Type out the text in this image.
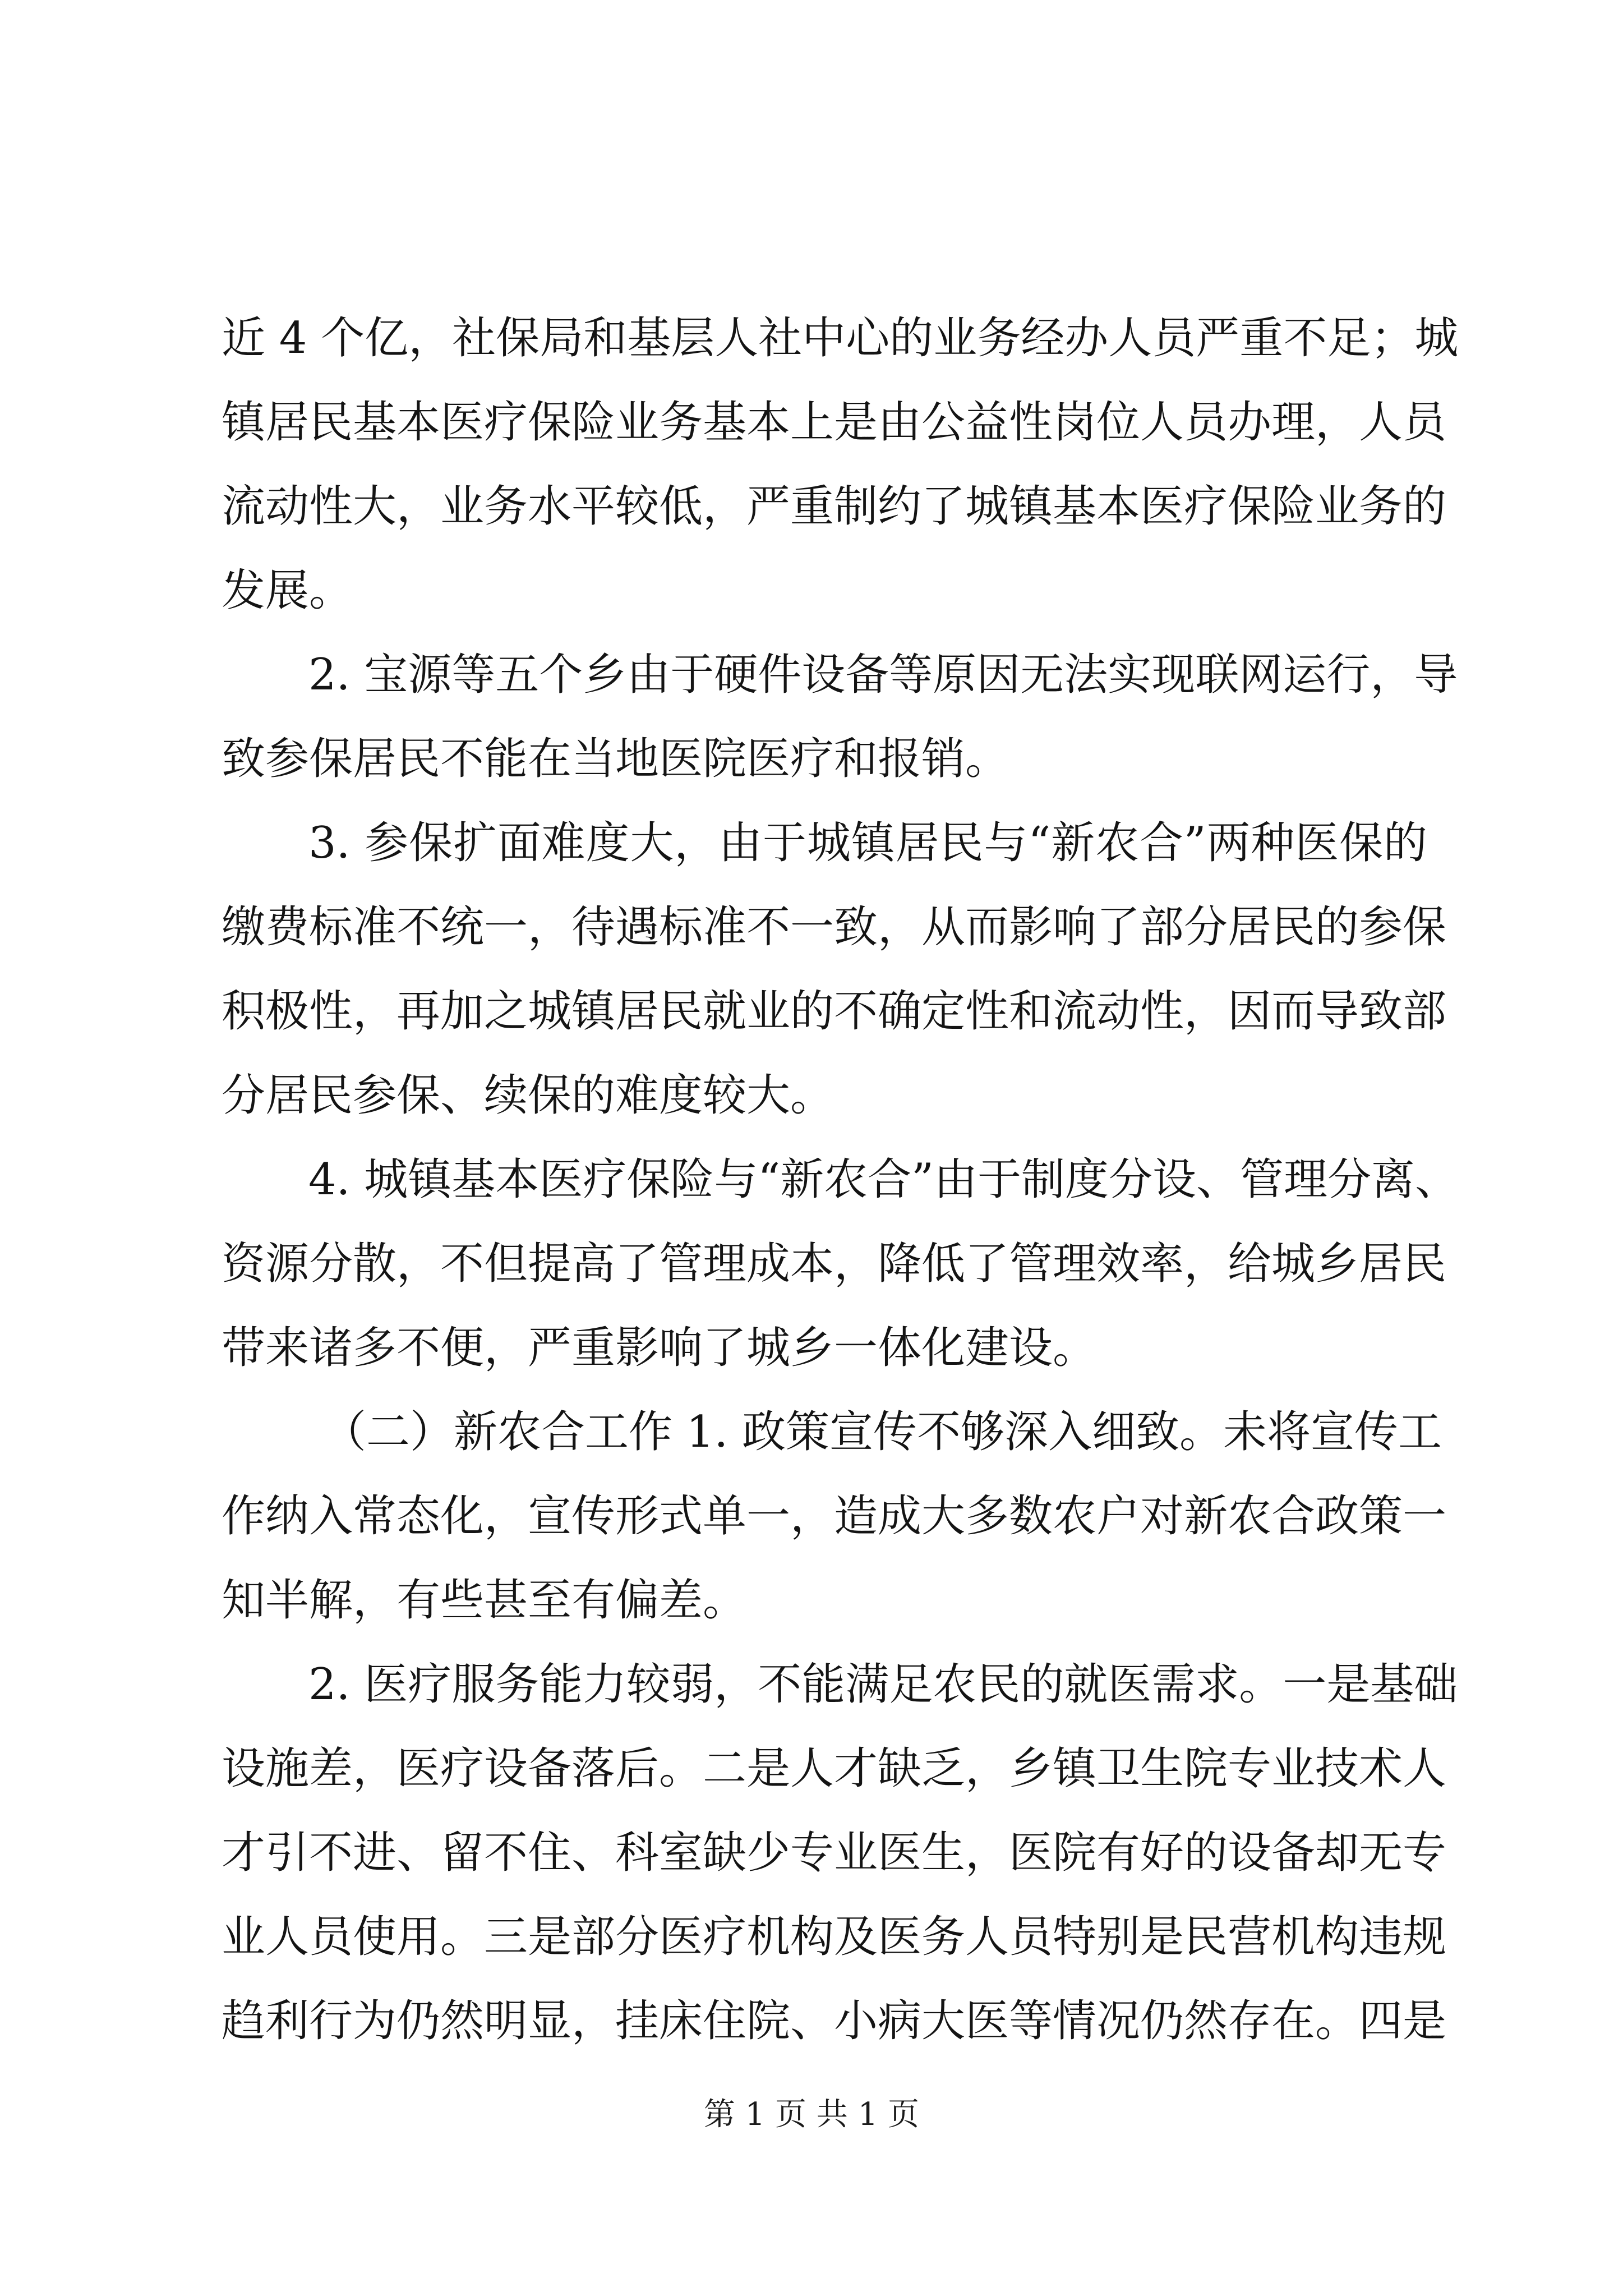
近 4 个亿，社保局和基层人社中心的业务经办人员严重不足；城
镇居民基本医疗保险业务基本上是由公益性岗位人员办理，人员
流动性大，业务水平较低，严重制约了城镇基本医疗保险业务的
发展。
2. 宝源等五个乡由于硬件设备等原因无法实现联网运行，导
致参保居民不能在当地医院医疗和报销。
3. 参保扩面难度大，由于城镇居民与“新农合”两种医保的
缴费标准不统一，待遇标准不一致，从而影响了部分居民的参保
积极性，再加之城镇居民就业的不确定性和流动性，因而导致部
分居民参保、续保的难度较大。
4. 城镇基本医疗保险与“新农合”由于制度分设、管理分离、
资源分散，不但提高了管理成本，降低了管理效率，给城乡居民
带来诸多不便，严重影响了城乡一体化建设。
（二）新农合工作 1. 政策宣传不够深入细致。未将宣传工
作纳入常态化，宣传形式单一，造成大多数农户对新农合政策一
知半解，有些甚至有偏差。
2. 医疗服务能力较弱，不能满足农民的就医需求。一是基础
设施差，医疗设备落后。二是人才缺乏，乡镇卫生院专业技术人
才引不进、留不住、科室缺少专业医生，医院有好的设备却无专
业人员使用。三是部分医疗机构及医务人员特别是民营机构违规
趋利行为仍然明显，挂床住院、小病大医等情况仍然存在。四是
第 1 页 共 1 页
